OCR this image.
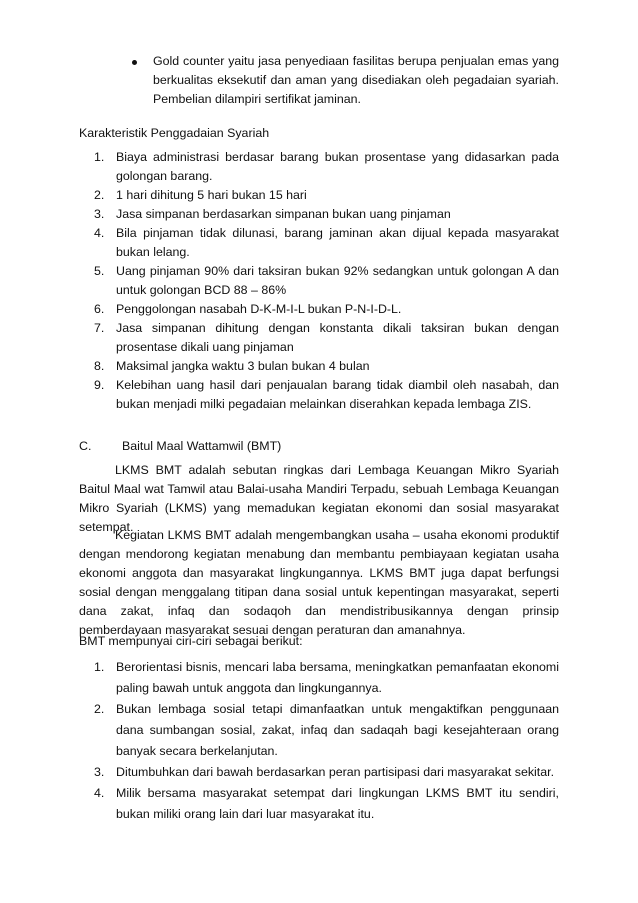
Gold counter yaitu jasa penyediaan fasilitas berupa penjualan emas yang berkualitas eksekutif dan aman yang disediakan oleh pegadaian syariah. Pembelian dilampiri sertifikat jaminan.
Karakteristik Penggadaian Syariah
1. Biaya administrasi berdasar barang bukan prosentase yang didasarkan pada golongan barang.
2. 1 hari dihitung 5 hari bukan 15 hari
3. Jasa simpanan berdasarkan simpanan bukan uang pinjaman
4. Bila pinjaman tidak dilunasi, barang jaminan akan dijual kepada masyarakat bukan lelang.
5. Uang pinjaman 90% dari taksiran bukan 92% sedangkan untuk golongan A dan untuk golongan BCD 88 – 86%
6. Penggolongan nasabah D-K-M-I-L bukan P-N-I-D-L.
7. Jasa simpanan dihitung dengan konstanta dikali taksiran bukan dengan prosentase dikali uang pinjaman
8. Maksimal jangka waktu 3 bulan bukan 4 bulan
9. Kelebihan uang hasil dari penjaualan barang tidak diambil oleh nasabah, dan bukan menjadi milki pegadaian melainkan diserahkan kepada lembaga ZIS.
C. Baitul Maal Wattamwil (BMT)
LKMS BMT adalah sebutan ringkas dari Lembaga Keuangan Mikro Syariah Baitul Maal wat Tamwil atau Balai-usaha Mandiri Terpadu, sebuah Lembaga Keuangan Mikro Syariah (LKMS) yang memadukan kegiatan ekonomi dan sosial masyarakat setempat.
Kegiatan LKMS BMT adalah mengembangkan usaha – usaha ekonomi produktif dengan mendorong kegiatan menabung dan membantu pembiayaan kegiatan usaha ekonomi anggota dan masyarakat lingkungannya. LKMS BMT juga dapat berfungsi sosial dengan menggalang titipan dana sosial untuk kepentingan masyarakat, seperti dana zakat, infaq dan sodaqoh dan mendistribusikannya dengan prinsip pemberdayaan masyarakat sesuai dengan peraturan dan amanahnya.
BMT mempunyai ciri-ciri sebagai berikut:
1. Berorientasi bisnis, mencari laba bersama, meningkatkan pemanfaatan ekonomi paling bawah untuk anggota dan lingkungannya.
2. Bukan lembaga sosial tetapi dimanfaatkan untuk mengaktifkan penggunaan dana sumbangan sosial, zakat, infaq dan sadaqah bagi kesejahteraan orang banyak secara berkelanjutan.
3. Ditumbuhkan dari bawah berdasarkan peran partisipasi dari masyarakat sekitar.
4. Milik bersama masyarakat setempat dari lingkungan LKMS BMT itu sendiri, bukan miliki orang lain dari luar masyarakat itu.
